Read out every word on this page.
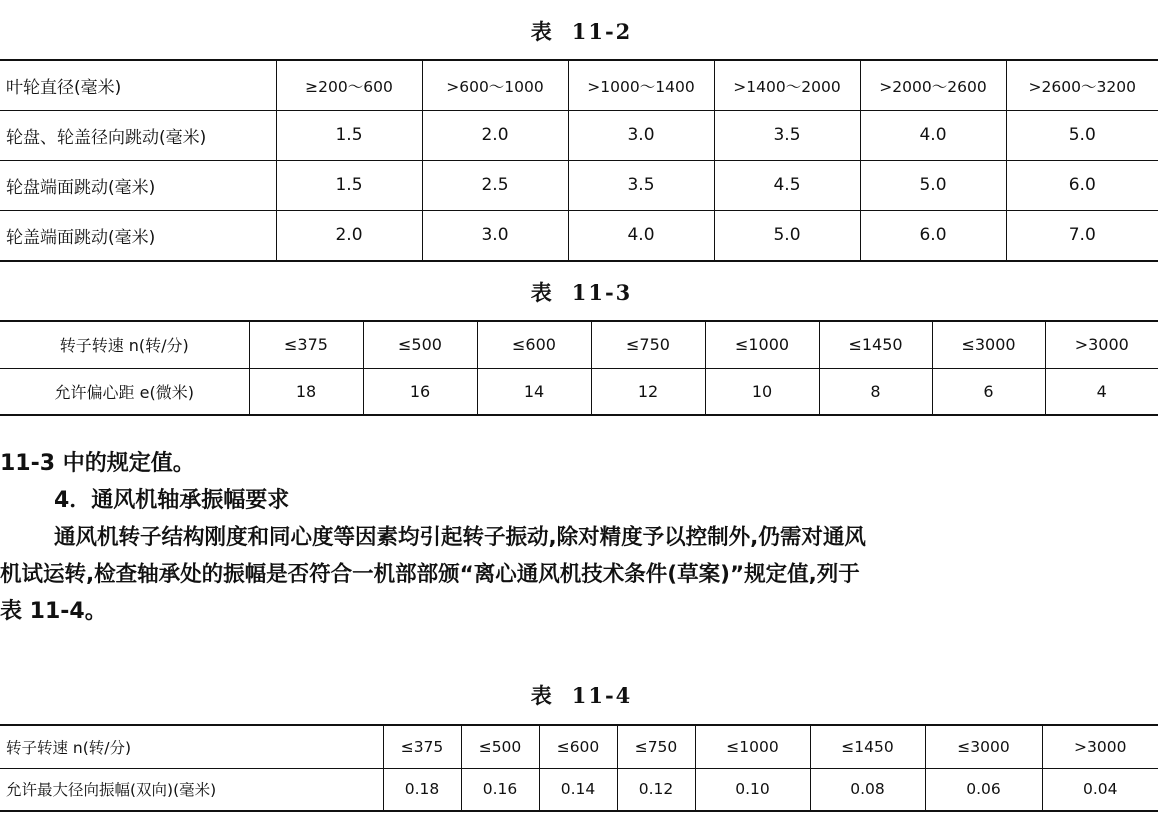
表 11-2
叶轮直径(毫米)	≥200～600	>600～1000	>1000～1400	>1400～2000	>2000～2600	>2600～3200
轮盘、轮盖径向跳动(毫米)	1.5	2.0	3.0	3.5	4.0	5.0
轮盘端面跳动(毫米)	1.5	2.5	3.5	4.5	5.0	6.0
轮盖端面跳动(毫米)	2.0	3.0	4.0	5.0	6.0	7.0
表 11-3
转子转速 n(转/分)	≤375	≤500	≤600	≤750	≤1000	≤1450	≤3000	>3000
允许偏心距 e(微米)	18	16	14	12	10	8	6	4
11-3 中的规定值。
4．通风机轴承振幅要求
通风机转子结构刚度和同心度等因素均引起转子振动,除对精度予以控制外,仍需对通风
机试运转,检查轴承处的振幅是否符合一机部部颁“离心通风机技术条件(草案)”规定值,列于
表 11-4。
表 11-4
转子转速 n(转/分)	≤375	≤500	≤600	≤750	≤1000	≤1450	≤3000	>3000
允许最大径向振幅(双向)(毫米)	0.18	0.16	0.14	0.12	0.10	0.08	0.06	0.04
